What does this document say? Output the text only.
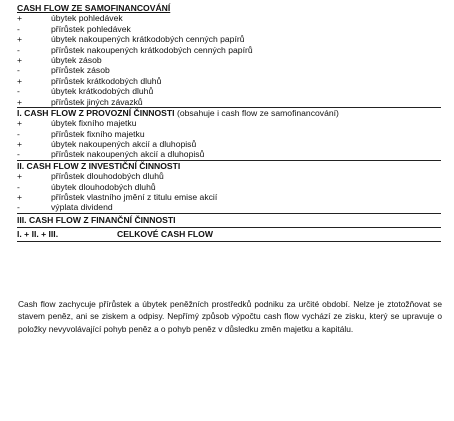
CASH FLOW ZE SAMOFINANCOVÁNÍ
+	úbytek pohledávek
-	přírůstek pohledávek
+	úbytek nakoupených krátkodobých cenných papírů
-	přírůstek nakoupených krátkodobých cenných papírů
+	úbytek zásob
-	přírůstek zásob
+	přírůstek krátkodobých dluhů
-	úbytek krátkodobých dluhů
+	přírůstek jiných závazků
I. CASH FLOW Z PROVOZNÍ ČINNOSTI (obsahuje i cash flow ze samofinancování)
+	úbytek fixního majetku
-	přírůstek fixního majetku
+	úbytek nakoupených akcií a dluhopisů
-	přírůstek nakoupených akcií a dluhopisů
II. CASH FLOW Z INVESTIČNÍ ČINNOSTI
+	přírůstek dlouhodobých dluhů
-	úbytek dlouhodobých dluhů
+	přírůstek vlastního jmění z titulu emise akcií
-	výplata dividend
III. CASH FLOW Z FINANČNÍ ČINNOSTI
I. + II. + III.	CELKOVÉ CASH FLOW
Cash flow zachycuje přírůstek a úbytek peněžních prostředků podniku za určité období. Nelze je ztotožňovat se stavem peněz, ani se ziskem a odpisy. Nepřímý způsob výpočtu cash flow vychází ze zisku, který se upravuje o položky nevyvolávající pohyb peněz a o pohyb peněz v důsledku změn majetku a kapitálu.
